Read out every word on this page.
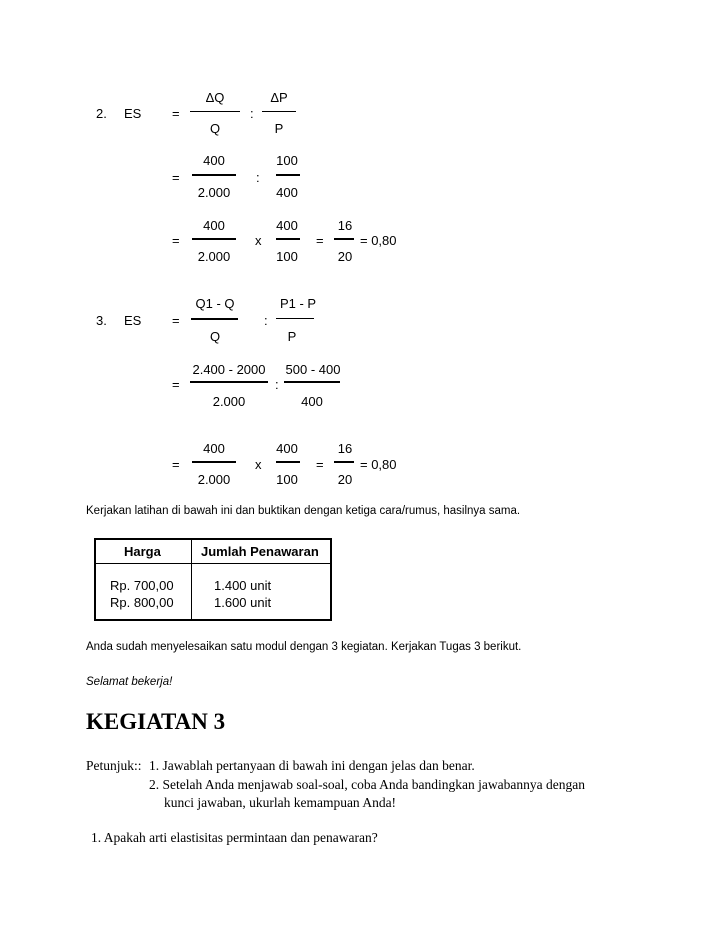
2. ES =
ΔQ
Q
:
ΔP
P
=
400
2.000
:
100
400
=
400
2.000
x
400
100
=
16
20
= 0,80
3. ES =
Q1 - Q
Q
:
P1 - P
P
=
2.400 - 2000
2.000
:
500 - 400
400
=
400
2.000
x
400
100
=
16
20
= 0,80
Kerjakan latihan di bawah ini dan buktikan dengan ketiga cara/rumus, hasilnya sama.
Harga	Jumlah Penawaran
Rp. 700,00	1.400 unit
Rp. 800,00	1.600 unit
Anda sudah menyelesaikan satu modul dengan 3 kegiatan. Kerjakan Tugas 3 berikut.
Selamat bekerja!
KEGIATAN 3
Petunjuk:: 1. Jawablah pertanyaan di bawah ini dengan jelas dan benar.
2. Setelah Anda menjawab soal-soal, coba Anda bandingkan jawabannya dengan
kunci jawaban, ukurlah kemampuan Anda!
1. Apakah arti elastisitas permintaan dan penawaran?
